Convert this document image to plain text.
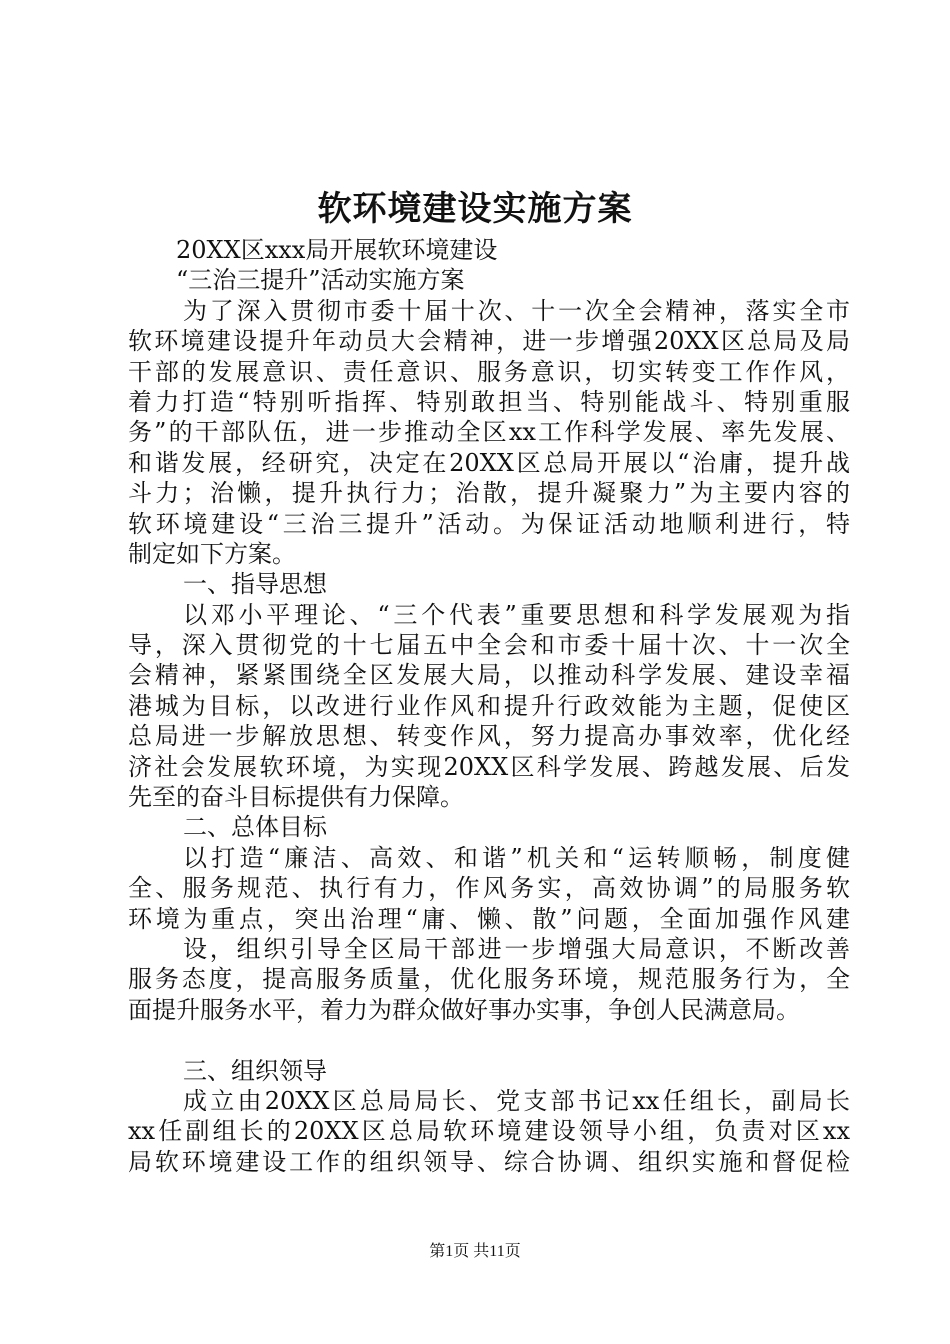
软环境建设实施方案
20XX区xxx局开展软环境建设
“三治三提升”活动实施方案
为了深入贯彻市委十届十次、十一次全会精神，落实全市
软环境建设提升年动员大会精神，进一步增强20XX区总局及局
干部的发展意识、责任意识、服务意识，切实转变工作作风，
着力打造“特别听指挥、特别敢担当、特别能战斗、特别重服
务”的干部队伍，进一步推动全区xx工作科学发展、率先发展、
和谐发展，经研究，决定在20XX区总局开展以“治庸，提升战
斗力；治懒，提升执行力；治散，提升凝聚力”为主要内容的
软环境建设“三治三提升”活动。为保证活动地顺利进行，特
制定如下方案。
一、指导思想
以邓小平理论、“三个代表”重要思想和科学发展观为指
导，深入贯彻党的十七届五中全会和市委十届十次、十一次全
会精神，紧紧围绕全区发展大局，以推动科学发展、建设幸福
港城为目标，以改进行业作风和提升行政效能为主题，促使区
总局进一步解放思想、转变作风，努力提高办事效率，优化经
济社会发展软环境，为实现20XX区科学发展、跨越发展、后发
先至的奋斗目标提供有力保障。
二、总体目标
以打造“廉洁、高效、和谐”机关和“运转顺畅，制度健
全、服务规范、执行有力，作风务实，高效协调”的局服务软
环境为重点，突出治理“庸、懒、散”问题，全面加强作风建
设，组织引导全区局干部进一步增强大局意识，不断改善
服务态度，提高服务质量，优化服务环境，规范服务行为，全
面提升服务水平，着力为群众做好事办实事，争创人民满意局。
三、组织领导
成立由20XX区总局局长、党支部书记xx任组长，副局长
xx任副组长的20XX区总局软环境建设领导小组，负责对区xx
局软环境建设工作的组织领导、综合协调、组织实施和督促检
第1页 共11页
